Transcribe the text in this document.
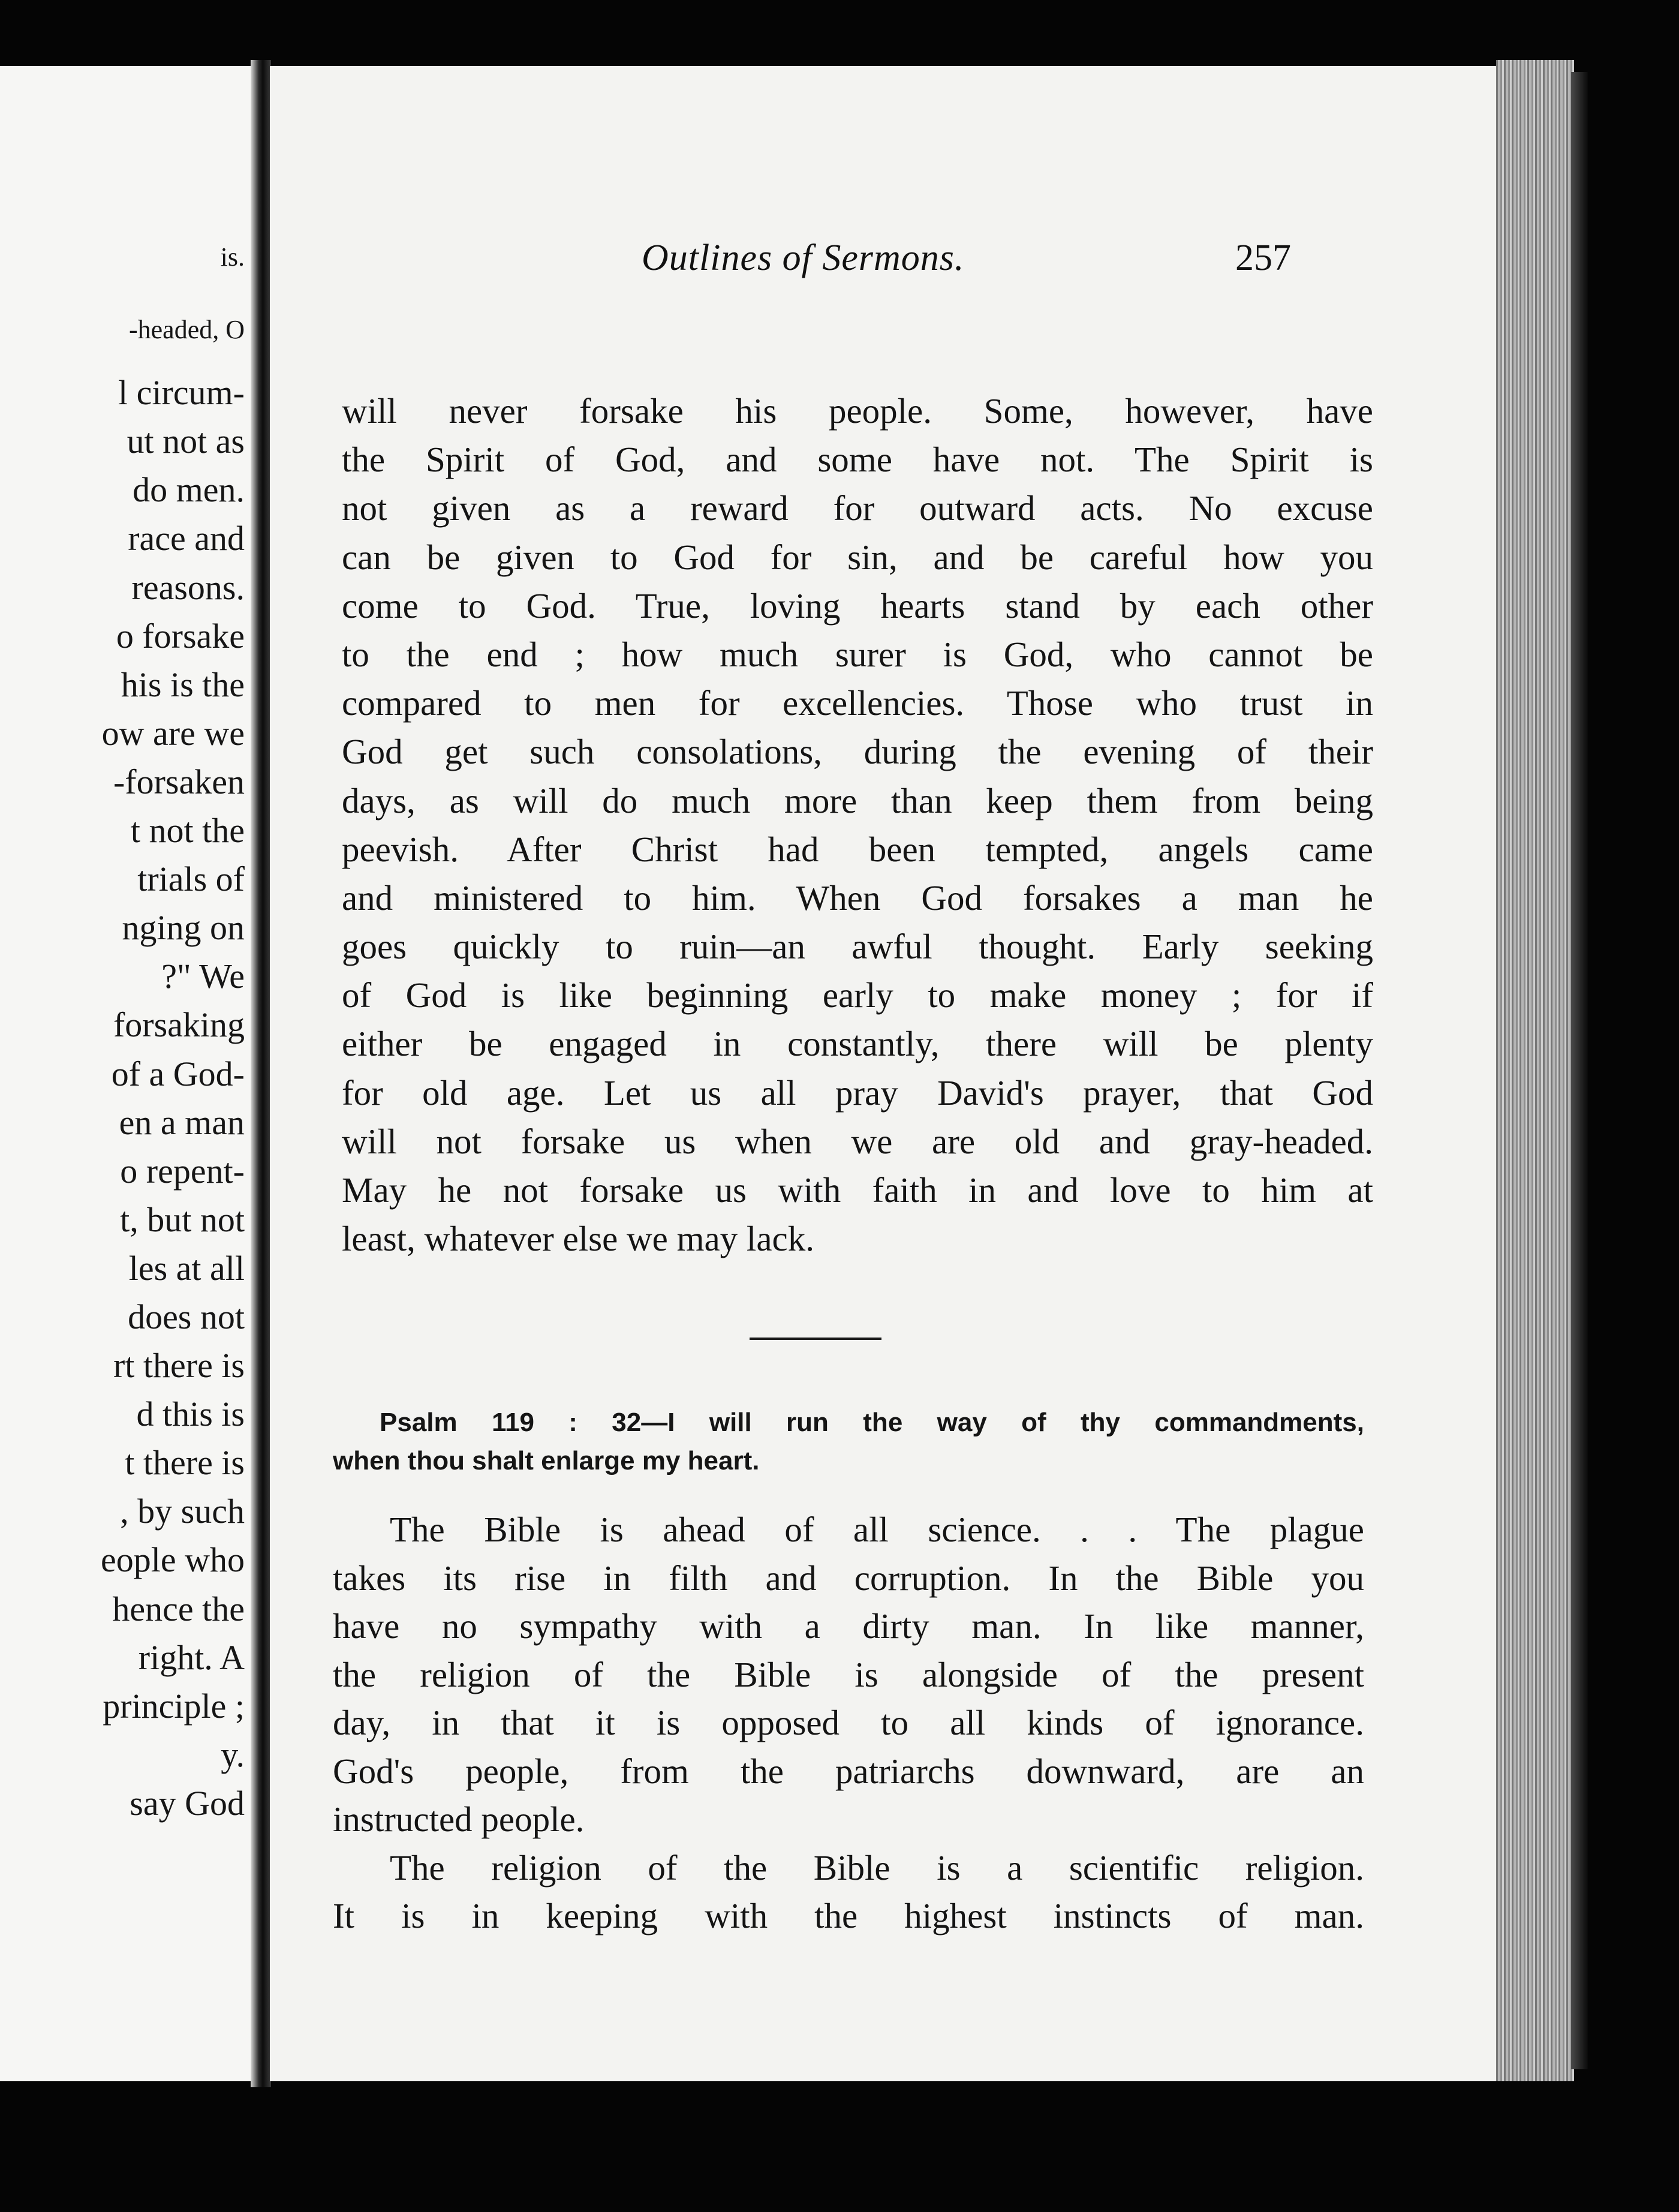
is.
-headed, O
l circum-
ut not as
do men.
race and
reasons.
o forsake
his is the
ow are we
-forsaken
t not the
trials of
nging on
?" We
forsaking
of a God-
en a man
o repent-
t, but not
les at all
does not
rt there is
d this is
t there is
, by such
eople who
hence the
right. A
principle ;
y.
say God
Outlines of Sermons.	257
will never forsake his people. Some, however, have
the Spirit of God, and some have not. The Spirit is
not given as a reward for outward acts. No excuse
can be given to God for sin, and be careful how you
come to God. True, loving hearts stand by each other
to the end ; how much surer is God, who cannot be
compared to men for excellencies. Those who trust in
God get such consolations, during the evening of their
days, as will do much more than keep them from being
peevish. After Christ had been tempted, angels came
and ministered to him. When God forsakes a man he
goes quickly to ruin—an awful thought. Early seeking
of God is like beginning early to make money ; for if
either be engaged in constantly, there will be plenty
for old age. Let us all pray David's prayer, that God
will not forsake us when we are old and gray-headed.
May he not forsake us with faith in and love to him at
least, whatever else we may lack.
Psalm 119 : 32—I will run the way of thy commandments,
when thou shalt enlarge my heart.
The Bible is ahead of all science. . . The plague
takes its rise in filth and corruption. In the Bible you
have no sympathy with a dirty man. In like manner,
the religion of the Bible is alongside of the present
day, in that it is opposed to all kinds of ignorance.
God's people, from the patriarchs downward, are an
instructed people.
The religion of the Bible is a scientific religion.
It is in keeping with the highest instincts of man.
